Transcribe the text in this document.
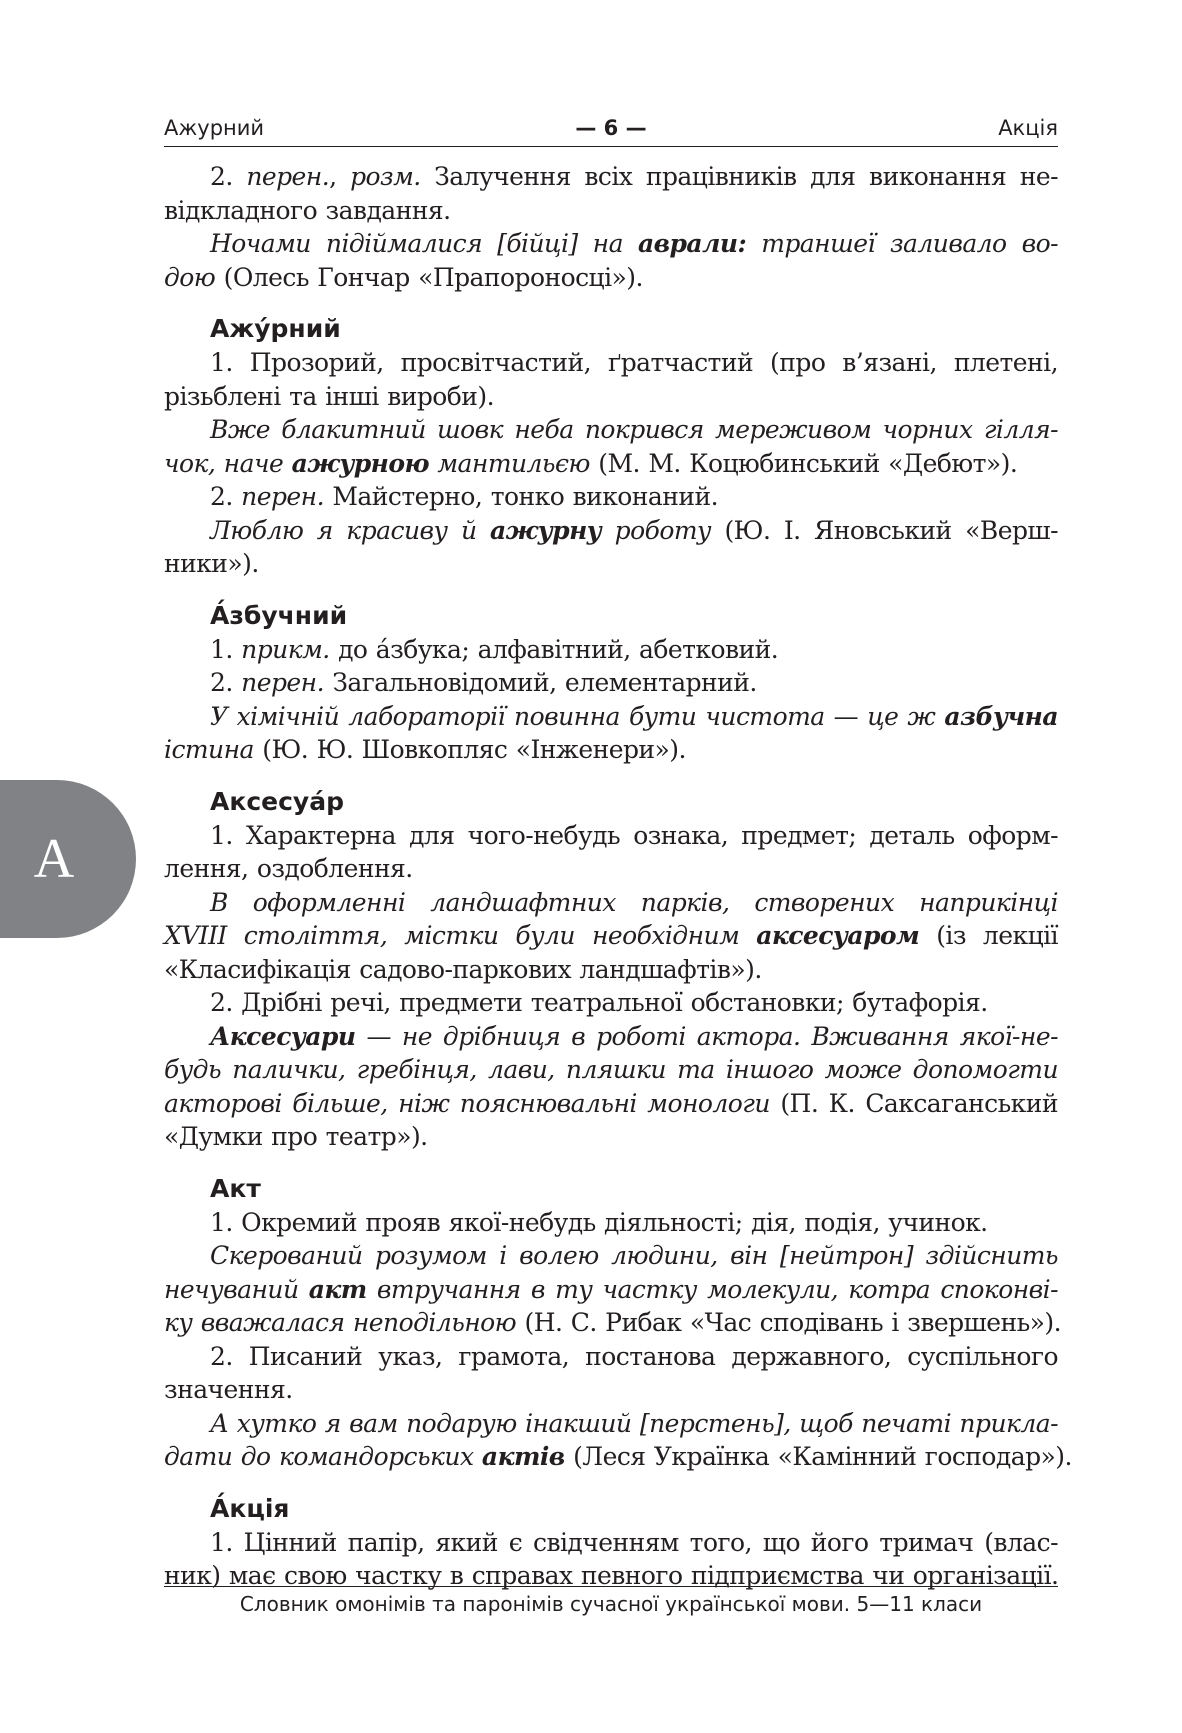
Ажурний	— 6 —	Акція
А
2. перен., розм. Залучення всіх працівників для виконання не-
відкладного завдання.
Ночами підіймалися [бійці] на аврали: траншеї заливало во-
дою (Олесь Гончар «Прапороносці»).
Ажу́рний
1. Прозорий, просвітчастий, ґратчастий (про в’язані, плетені,
різьблені та інші вироби).
Вже блакитний шовк неба покрився мереживом чорних гілля-
чок, наче ажурною мантильєю (М. М. Коцюбинський «Дебют»).
2. перен. Майстерно, тонко виконаний.
Люблю я красиву й ажурну роботу (Ю. І. Яновський «Верш-
ники»).
А́збучний
1. прикм. до а́збука; алфавітний, абетковий.
2. перен. Загальновідомий, елементарний.
У хімічній лабораторії повинна бути чистота — це ж азбучна
істина (Ю. Ю. Шовкопляс «Інженери»).
Аксесуа́р
1. Характерна для чого-небудь ознака, предмет; деталь оформ-
лення, оздоблення.
В оформленні ландшафтних парків, створених наприкінці
XVIII століття, містки були необхідним аксесуаром (із лекції
«Класифікація садово-паркових ландшафтів»).
2. Дрібні речі, предмети театральної обстановки; бутафорія.
Аксесуари — не дрібниця в роботі актора. Вживання якої-не-
будь палички, гребінця, лави, пляшки та іншого може допомогти
акторові більше, ніж пояснювальні монологи (П. К. Саксаганський
«Думки про театр»).
Акт
1. Окремий прояв якої-небудь діяльності; дія, подія, учинок.
Скерований розумом і волею людини, він [нейтрон] здійснить
нечуваний акт втручання в ту частку молекули, котра споконві-
ку вважалася неподільною (Н. С. Рибак «Час сподівань і звершень»).
2. Писаний указ, грамота, постанова державного, суспільного
значення.
А хутко я вам подарую інакший [перстень], щоб печаті прикла-
дати до командорських актів (Леся Українка «Камінний господар»).
А́кція
1. Цінний папір, який є свідченням того, що його тримач (влас-
ник) має свою частку в справах певного підприємства чи організації.
Словник омонімів та паронімів сучасної української мови. 5—11 класи
